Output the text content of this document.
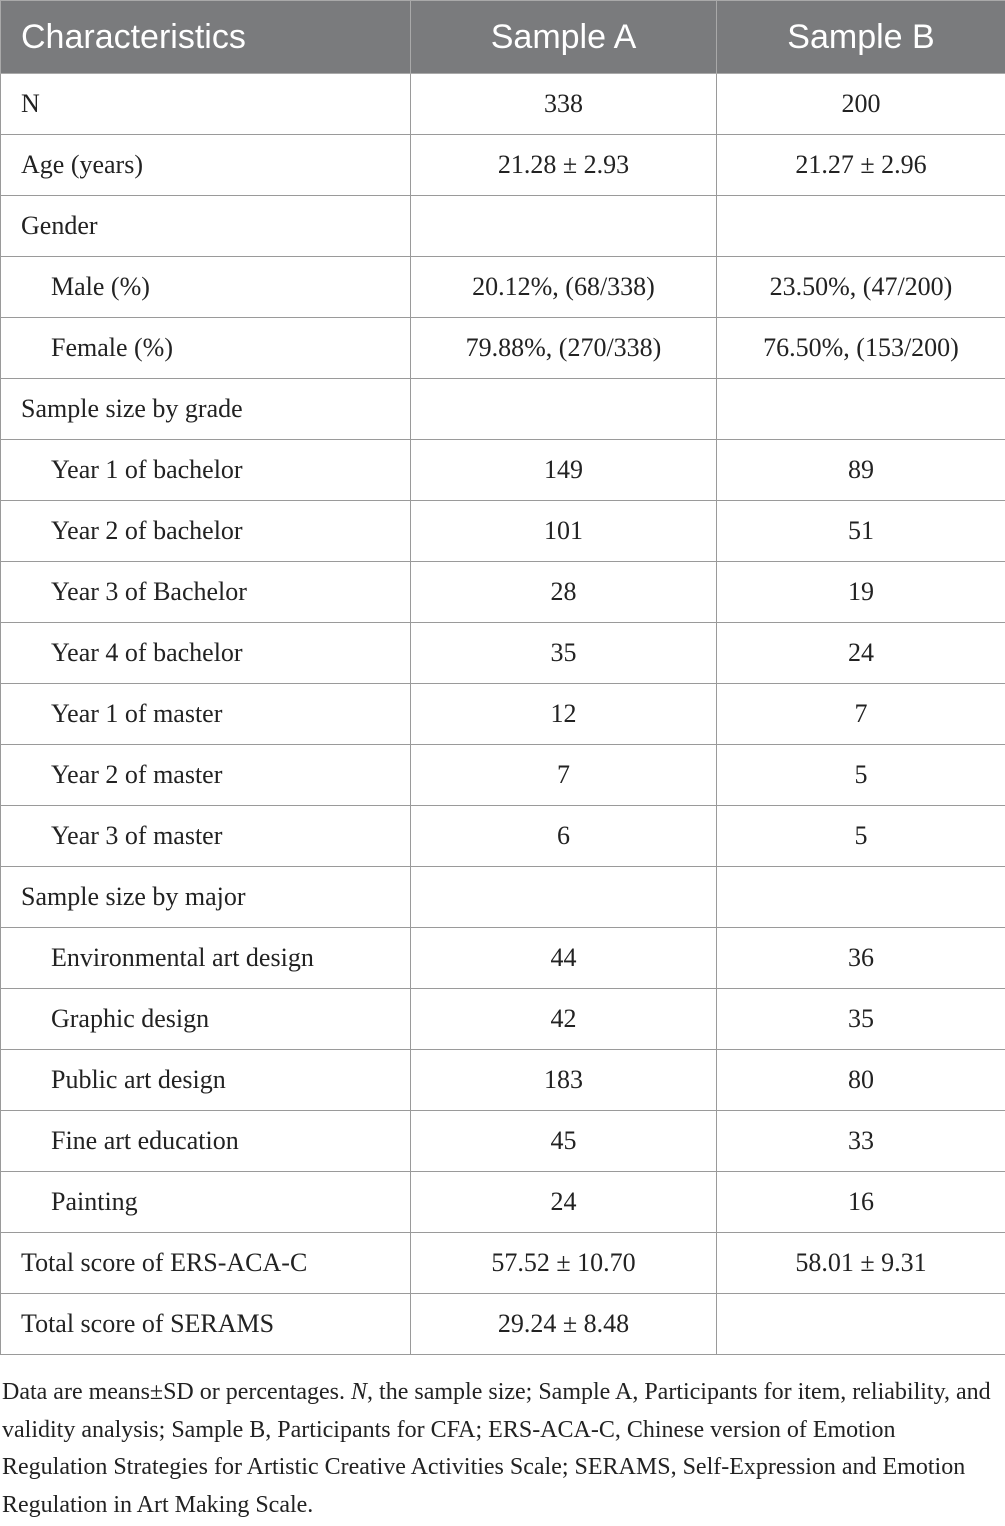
Characteristics	Sample A	Sample B
N	338	200
Age (years)	21.28 ± 2.93	21.27 ± 2.96
Gender		
Male (%)	20.12%, (68/338)	23.50%, (47/200)
Female (%)	79.88%, (270/338)	76.50%, (153/200)
Sample size by grade		
Year 1 of bachelor	149	89
Year 2 of bachelor	101	51
Year 3 of Bachelor	28	19
Year 4 of bachelor	35	24
Year 1 of master	12	7
Year 2 of master	7	5
Year 3 of master	6	5
Sample size by major		
Environmental art design	44	36
Graphic design	42	35
Public art design	183	80
Fine art education	45	33
Painting	24	16
Total score of ERS-ACA-C	57.52 ± 10.70	58.01 ± 9.31
Total score of SERAMS	29.24 ± 8.48	

Data are means±SD or percentages. N, the sample size; Sample A, Participants for item, reliability, and validity analysis; Sample B, Participants for CFA; ERS-ACA-C, Chinese version of Emotion Regulation Strategies for Artistic Creative Activities Scale; SERAMS, Self-Expression and Emotion Regulation in Art Making Scale.
